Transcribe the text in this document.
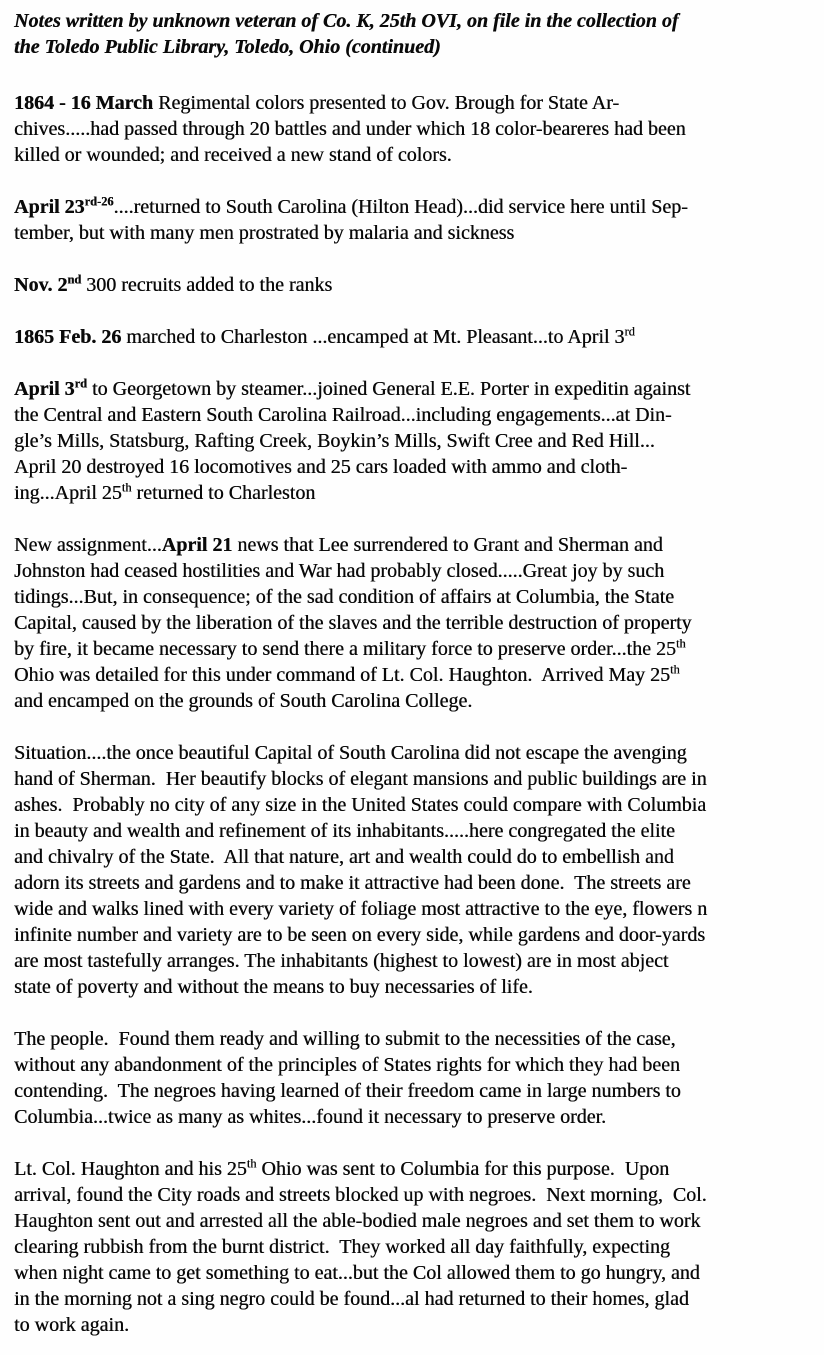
Notes written by unknown veteran of Co. K, 25th OVI, on file in the collection of
the Toledo Public Library, Toledo, Ohio (continued)
1864 - 16 March Regimental colors presented to Gov. Brough for State Ar-
chives.....had passed through 20 battles and under which 18 color-beareres had been
killed or wounded; and received a new stand of colors.
April $23^{rd-26}....returned$ to South Carolina (Hilton Head)...did service here until Sep-
tember, but with many men prostrated by malaria and sickness
Nov. 2nd 300 recruits added to the ranks
1865 Feb. 26 marched to Charleston ...encamped at Mt. Pleasant...to April 3rd
April 3rd to Georgetown by steamer...joined General E.E. Porter in expeditin against
the Central and Eastern South Carolina Railroad...including engagements...at Din-
gle’s Mills, Statsburg, Rafting Creek, Boykin’s Mills, Swift Cree and Red Hill...
April 20 destroyed 16 locomotives and 25 cars loaded with ammo and cloth-
ing...April 25th returned to Charleston
New assignment...April 21 news that Lee surrendered to Grant and Sherman and
Johnston had ceased hostilities and War had probably closed.....Great joy by such
tidings...But, in consequence; of the sad condition of affairs at Columbia, the State
Capital, caused by the liberation of the slaves and the terrible destruction of property
by fire, it became necessary to send there a military force to preserve order...the 25th
Ohio was detailed for this under command of Lt. Col. Haughton.  Arrived May 25th
and encamped on the grounds of South Carolina College.
Situation....the once beautiful Capital of South Carolina did not escape the avenging
hand of Sherman.  Her beautify blocks of elegant mansions and public buildings are in
ashes.  Probably no city of any size in the United States could compare with Columbia
in beauty and wealth and refinement of its inhabitants.....here congregated the elite
and chivalry of the State.  All that nature, art and wealth could do to embellish and
adorn its streets and gardens and to make it attractive had been done.  The streets are
wide and walks lined with every variety of foliage most attractive to the eye, flowers n
infinite number and variety are to be seen on every side, while gardens and door-yards
are most tastefully arranges. The inhabitants (highest to lowest) are in most abject
state of poverty and without the means to buy necessaries of life.
The people.  Found them ready and willing to submit to the necessities of the case,
without any abandonment of the principles of States rights for which they had been
contending.  The negroes having learned of their freedom came in large numbers to
Columbia...twice as many as whites...found it necessary to preserve order.
Lt. Col. Haughton and his 25th Ohio was sent to Columbia for this purpose.  Upon
arrival, found the City roads and streets blocked up with negroes.  Next morning,  Col.
Haughton sent out and arrested all the able-bodied male negroes and set them to work
clearing rubbish from the burnt district.  They worked all day faithfully, expecting
when night came to get something to eat...but the Col allowed them to go hungry, and
in the morning not a sing negro could be found...al had returned to their homes, glad
to work again.
